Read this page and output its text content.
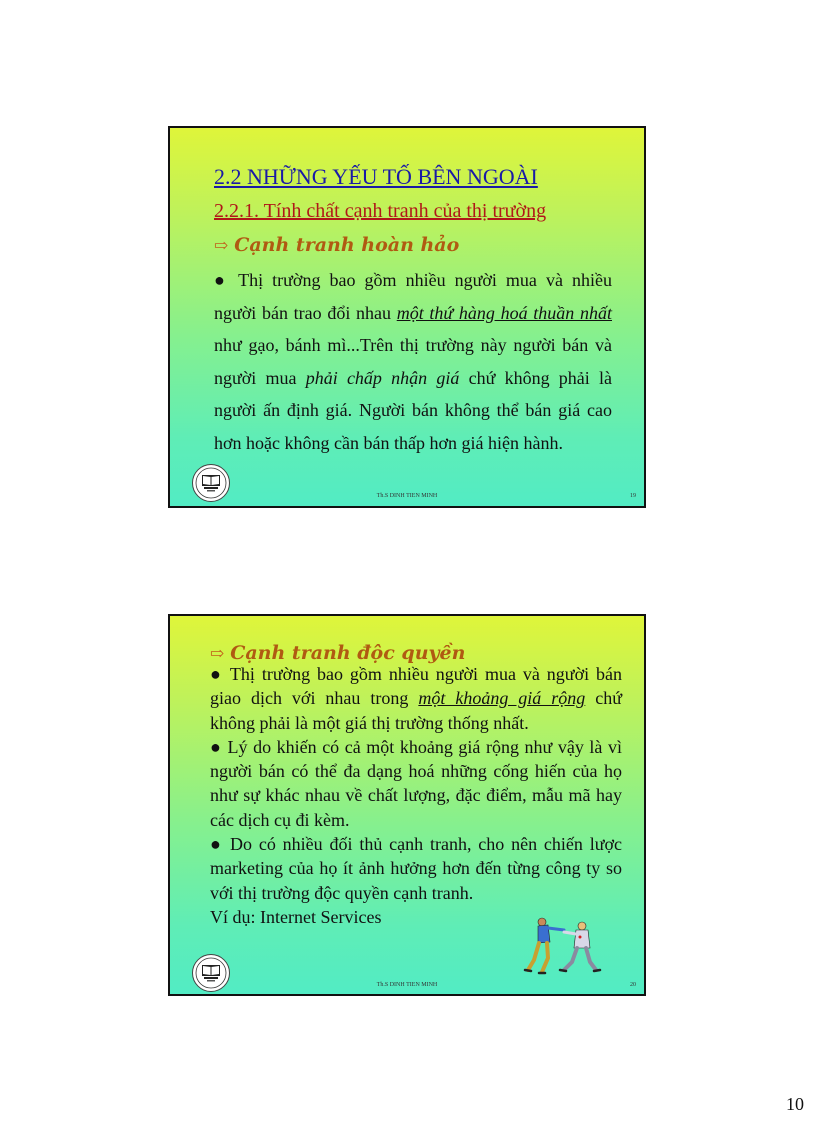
2.2 NHỮNG YẾU TỐ BÊN NGOÀI
2.2.1. Tính chất cạnh tranh của thị trường
⇨ Cạnh tranh hoàn hảo

● Thị trường bao gồm nhiều người mua và nhiều người bán trao đổi nhau một thứ hàng hoá thuần nhất như gạo, bánh mì...Trên thị trường này người bán và người mua phải chấp nhận giá chứ không phải là người ấn định giá. Người bán không thể bán giá cao hơn hoặc không cần bán thấp hơn giá hiện hành.

Th.S DINH TIEN MINH	19
⇨ Cạnh tranh độc quyền

● Thị trường bao gồm nhiều người mua và người bán giao dịch với nhau trong một khoảng giá rộng chứ không phải là một giá thị trường thống nhất.

● Lý do khiến có cả một khoảng giá rộng như vậy là vì người bán có thể đa dạng hoá những cống hiến của họ như sự khác nhau về chất lượng, đặc điểm, mẫu mã hay các dịch cụ đi kèm.

● Do có nhiều đối thủ cạnh tranh, cho nên chiến lược marketing của họ ít ảnh hưởng hơn đến từng công ty so với thị trường độc quyền cạnh tranh.

Ví dụ: Internet Services

Th.S DINH TIEN MINH	20
10
